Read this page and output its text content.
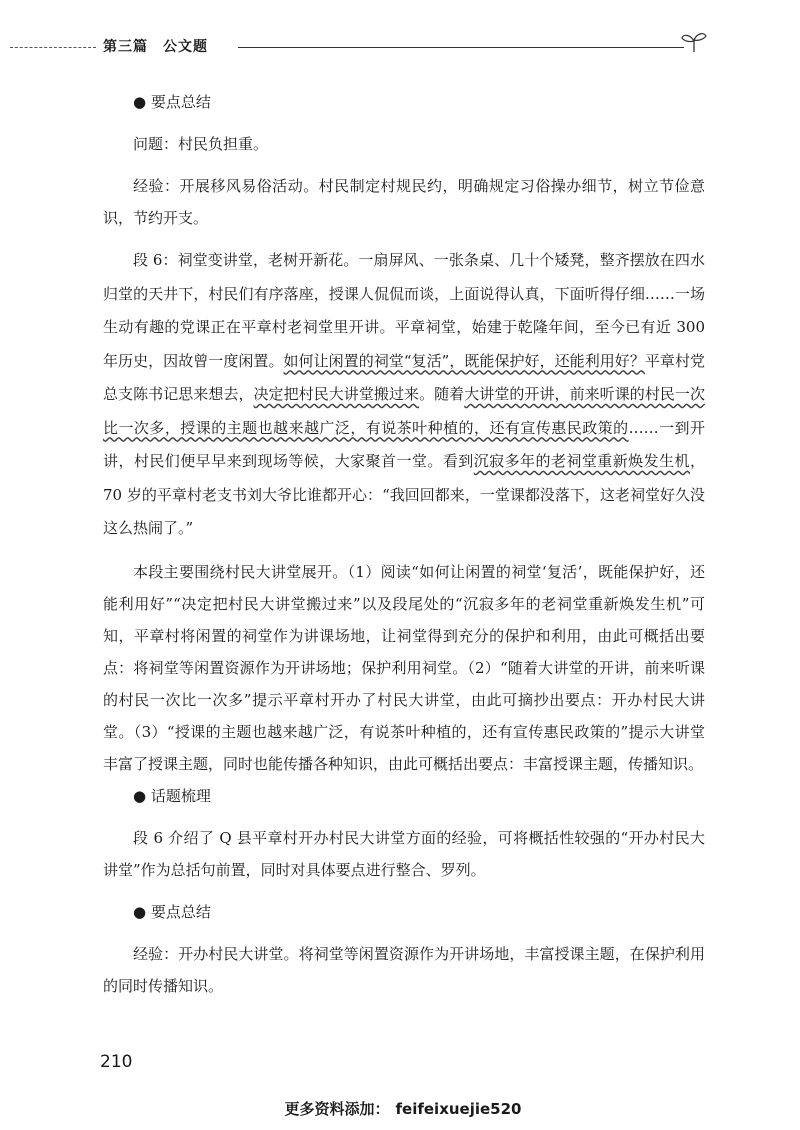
第三篇　公文题

● 要点总结

问题：村民负担重。

经验：开展移风易俗活动。村民制定村规民约，明确规定习俗操办细节，树立节俭意识，节约开支。

段 6：祠堂变讲堂，老树开新花。一扇屏风、一张条桌、几十个矮凳，整齐摆放在四水归堂的天井下，村民们有序落座，授课人侃侃而谈，上面说得认真，下面听得仔细……一场生动有趣的党课正在平章村老祠堂里开讲。平章祠堂，始建于乾隆年间，至今已有近 300 年历史，因故曾一度闲置。如何让闲置的祠堂“复活”，既能保护好，还能利用好？平章村党总支陈书记思来想去，决定把村民大讲堂搬过来。随着大讲堂的开讲，前来听课的村民一次比一次多，授课的主题也越来越广泛，有说茶叶种植的，还有宣传惠民政策的……一到开讲，村民们便早早来到现场等候，大家聚首一堂。看到沉寂多年的老祠堂重新焕发生机，70 岁的平章村老支书刘大爷比谁都开心：“我回回都来，一堂课都没落下，这老祠堂好久没这么热闹了。”

本段主要围绕村民大讲堂展开。（1）阅读“如何让闲置的祠堂‘复活’，既能保护好，还能利用好”“决定把村民大讲堂搬过来”以及段尾处的“沉寂多年的老祠堂重新焕发生机”可知，平章村将闲置的祠堂作为讲课场地，让祠堂得到充分的保护和利用，由此可概括出要点：将祠堂等闲置资源作为开讲场地；保护利用祠堂。（2）“随着大讲堂的开讲，前来听课的村民一次比一次多”提示平章村开办了村民大讲堂，由此可摘抄出要点：开办村民大讲堂。（3）“授课的主题也越来越广泛，有说茶叶种植的，还有宣传惠民政策的”提示大讲堂丰富了授课主题，同时也能传播各种知识，由此可概括出要点：丰富授课主题，传播知识。

● 话题梳理

段 6 介绍了 Q 县平章村开办村民大讲堂方面的经验，可将概括性较强的“开办村民大讲堂”作为总括句前置，同时对具体要点进行整合、罗列。

● 要点总结

经验：开办村民大讲堂。将祠堂等闲置资源作为开讲场地，丰富授课主题，在保护利用的同时传播知识。

210
更多资料添加： feifeixuejie520
